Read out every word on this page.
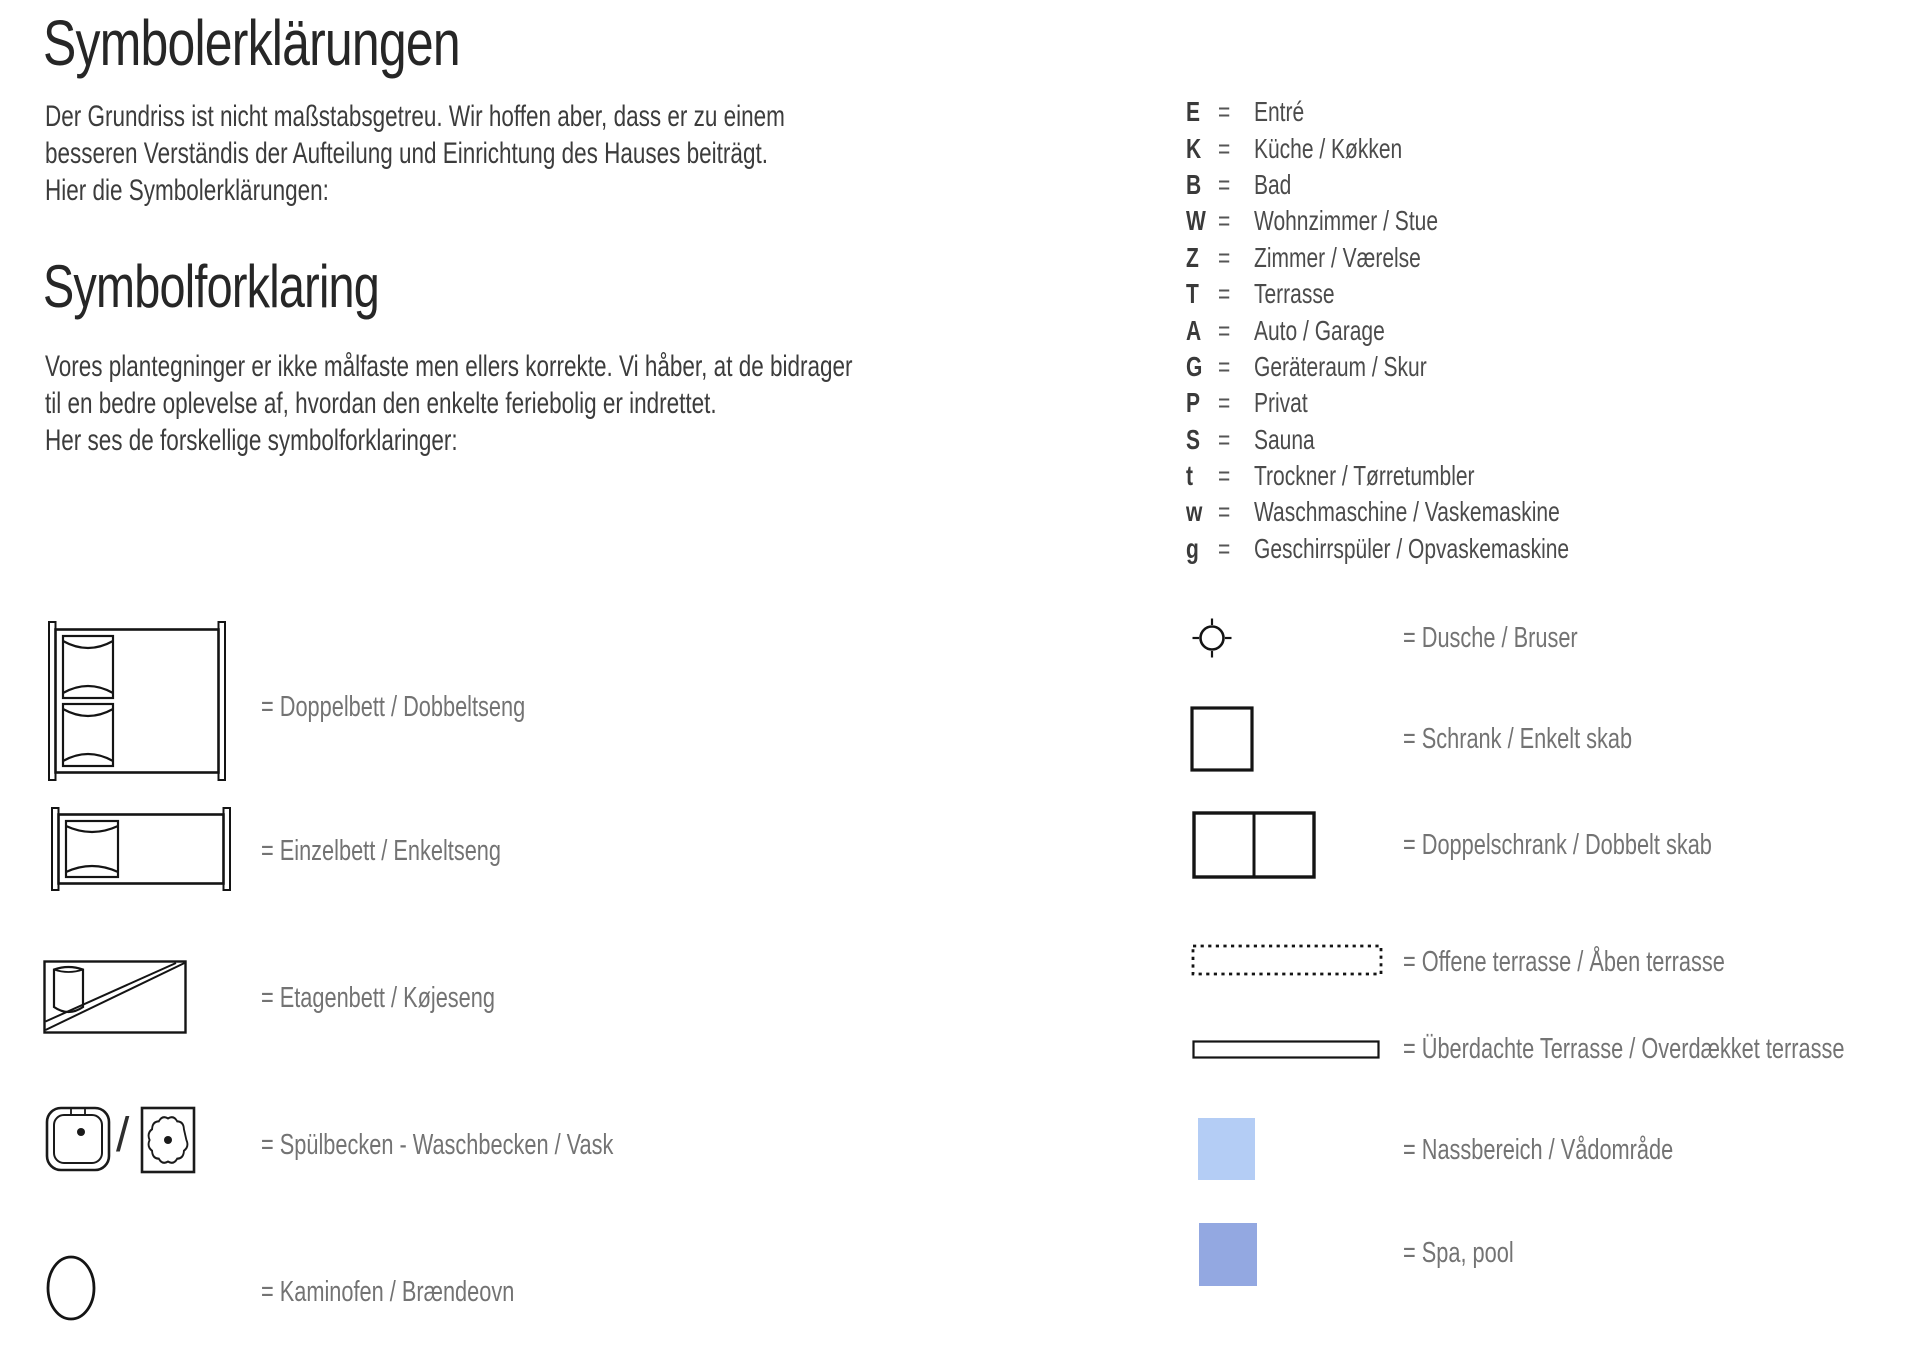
Symbolerklärungen
Der Grundriss ist nicht maßstabsgetreu. Wir hoffen aber, dass er zu einem
besseren Verständis der Aufteilung und Einrichtung des Hauses beiträgt.
Hier die Symbolerklärungen:
Symbolforklaring
Vores plantegninger er ikke målfaste men ellers korrekte. Vi håber, at de bidrager
til en bedre oplevelse af, hvordan den enkelte feriebolig er indrettet.
Her ses de forskellige symbolforklaringer:
= Doppelbett / Dobbeltseng
= Einzelbett / Enkeltseng
= Etagenbett / Køjeseng
/	= Spülbecken - Waschbecken / Vask
= Kaminofen / Brændeovn
E = Entré
K = Küche / Køkken
B = Bad
W = Wohnzimmer / Stue
Z = Zimmer / Værelse
T = Terrasse
A = Auto / Garage
G = Geräteraum / Skur
P = Privat
S = Sauna
t = Trockner / Tørretumbler
w = Waschmaschine / Vaskemaskine
g = Geschirrspüler / Opvaskemaskine
= Dusche / Bruser
= Schrank / Enkelt skab
= Doppelschrank / Dobbelt skab
= Offene terrasse / Åben terrasse
= Überdachte Terrasse / Overdækket terrasse
= Nassbereich / Vådområde
= Spa, pool
